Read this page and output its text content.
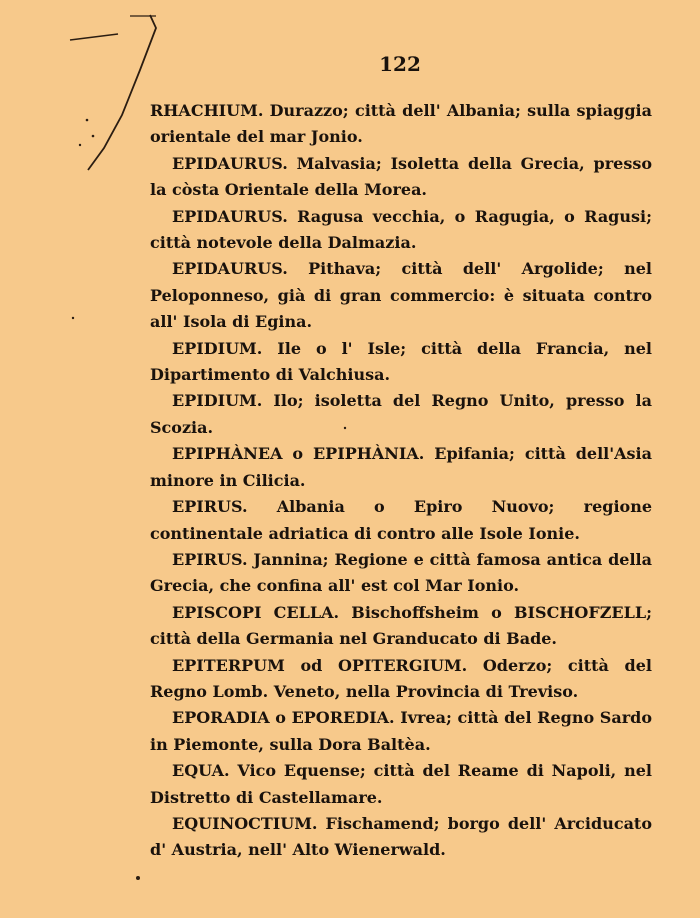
122

RHACHIUM. Durazzo; città dell' Albania; sulla spiaggia orientale del mar Jonio.

EPIDAURUS. Malvasia; Isoletta della Grecia, presso la còsta Orientale della Morea.

EPIDAURUS. Ragusa vecchia, o Ragugia, o Ragusi; città notevole della Dalmazia.

EPIDAURUS. Pithava; città dell' Argolide; nel Peloponneso, già di gran commercio: è situata contro all' Isola di Egina.

EPIDIUM. Ile o l' Isle; città della Francia, nel Dipartimento di Valchiusa.

EPIDIUM. Ilo; isoletta del Regno Unito, presso la Scozia.

EPIPHÀNEA o EPIPHÀNIA. Epifania; città dell'Asia minore in Cilicia.

EPIRUS. Albania o Epiro Nuovo; regione continentale adriatica di contro alle Isole Ionie.

EPIRUS. Jannina; Regione e città famosa antica della Grecia, che confina all' est col Mar Ionio.

EPISCOPI CELLA. Bischoffsheim o BISCHOFZELL; città della Germania nel Granducato di Bade.

EPITERPUM od OPITERGIUM. Oderzo; città del Regno Lomb. Veneto, nella Provincia di Treviso.

EPORADIA o EPOREDIA. Ivrea; città del Regno Sardo in Piemonte, sulla Dora Baltèa.

EQUA. Vico Equense; città del Reame di Napoli, nel Distretto di Castellamare.

EQUINOCTIUM. Fischamend; borgo dell' Arciducato d' Austria, nell' Alto Wienerwald.
